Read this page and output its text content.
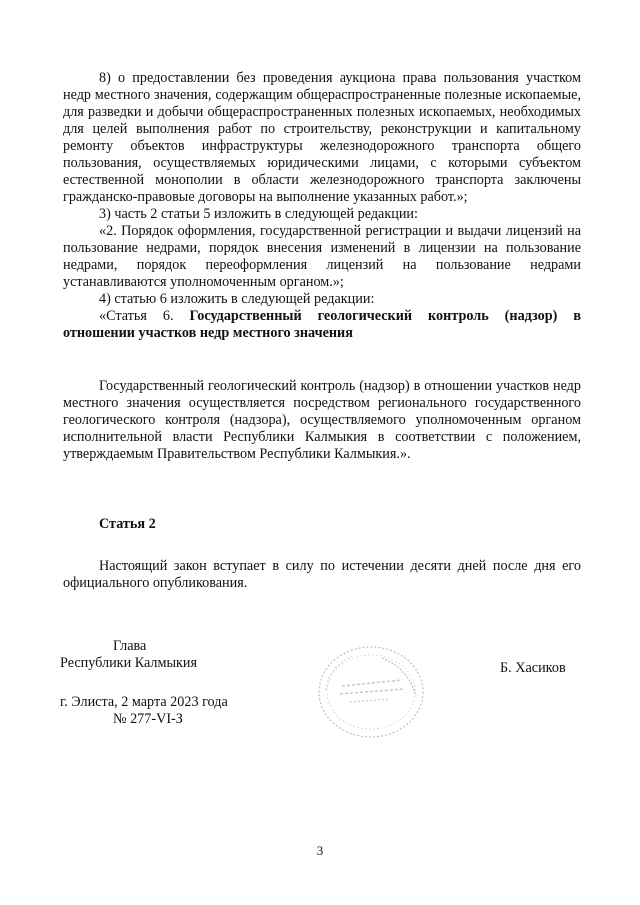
8) о предоставлении без проведения аукциона права пользования участком недр местного значения, содержащим общераспространенные полезные ископаемые, для разведки и добычи общераспространенных полезных ископаемых, необходимых для целей выполнения работ по строительству, реконструкции и капитальному ремонту объектов инфраструктуры железнодорожного транспорта общего пользования, осуществляемых юридическими лицами, с которыми субъектом естественной монополии в области железнодорожного транспорта заключены гражданско-правовые договоры на выполнение указанных работ.»;

3) часть 2 статьи 5 изложить в следующей редакции:

«2. Порядок оформления, государственной регистрации и выдачи лицензий на пользование недрами, порядок внесения изменений в лицензии на пользование недрами, порядок переоформления лицензий на пользование недрами устанавливаются уполномоченным органом.»;

4) статью 6 изложить в следующей редакции:

«Статья 6. Государственный геологический контроль (надзор) в отношении участков недр местного значения

Государственный геологический контроль (надзор) в отношении участков недр местного значения осуществляется посредством регионального государственного геологического контроля (надзора), осуществляемого уполномоченным органом исполнительной власти Республики Калмыкия в соответствии с положением, утверждаемым Правительством Республики Калмыкия.».

Статья 2

Настоящий закон вступает в силу по истечении десяти дней после дня его официального опубликования.

Глава
Республики Калмыкия	Б. Хасиков
г. Элиста, 2 марта 2023 года
№ 277-VI-З
3
